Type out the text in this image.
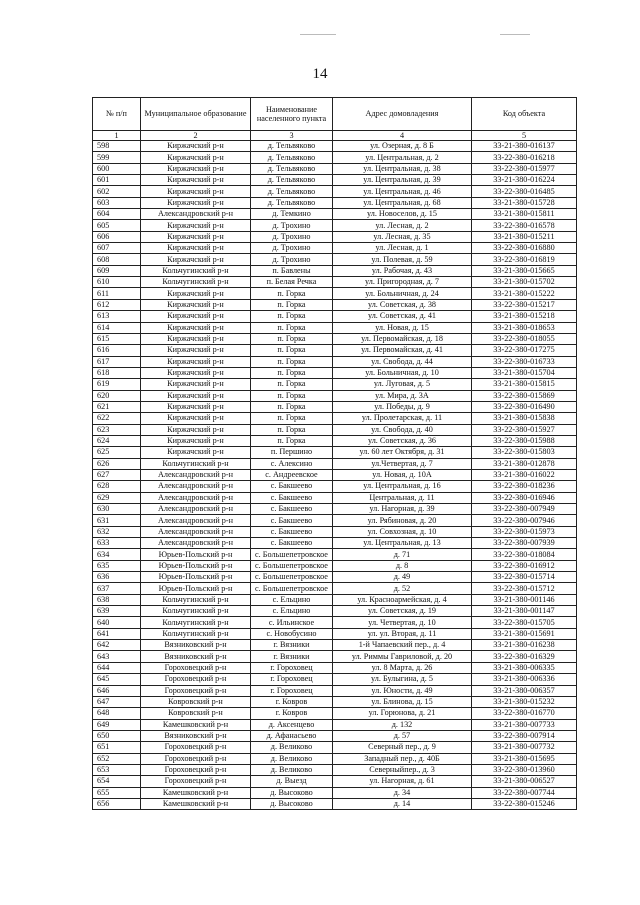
14
№ п/п	Муниципальное образование	Наименование населенного пункта	Адрес домовладения	Код объекта
1	2	3	4	5
598	Киржачский р-н	д. Тельвяково	ул. Озерная, д. 8 Б	33-21-380-016137
599	Киржачский р-н	д. Тельвяково	ул. Центральная, д. 2	33-22-380-016218
600	Киржачский р-н	д. Тельвяково	ул. Центральная, д. 38	33-22-380-015977
601	Киржачский р-н	д. Тельвяково	ул. Центральная, д. 39	33-21-380-016224
602	Киржачский р-н	д. Тельвяково	ул. Центральная, д. 46	33-22-380-016485
603	Киржачский р-н	д. Тельвяково	ул. Центральная, д. 68	33-21-380-015728
604	Александровский р-н	д. Темкино	ул. Новоселов, д. 15	33-21-380-015811
605	Киржачский р-н	д. Трохино	ул. Лесная, д. 2	33-22-380-016578
606	Киржачский р-н	д. Трохино	ул. Лесная, д. 35	33-21-380-015211
607	Киржачский р-н	д. Трохино	ул. Лесная, д. 1	33-22-380-016880
608	Киржачский р-н	д. Трохино	ул. Полевая, д. 59	33-22-380-016819
609	Кольчугинский р-н	п. Бавлены	ул. Рабочая, д. 43	33-21-380-015665
610	Кольчугинский р-н	п. Белая Речка	ул. Пригородная, д. 7	33-21-380-015702
611	Киржачский р-н	п. Горка	ул. Больничная, д. 24	33-21-380-015222
612	Киржачский р-н	п. Горка	ул. Советская, д. 38	33-22-380-015217
613	Киржачский р-н	п. Горка	ул. Советская, д. 41	33-21-380-015218
614	Киржачский р-н	п. Горка	ул. Новая, д. 15	33-21-380-018653
615	Киржачский р-н	п. Горка	ул. Первомайская, д. 18	33-22-380-018055
616	Киржачский р-н	п. Горка	ул. Первомайская, д. 41	33-22-380-017275
617	Киржачский р-н	п. Горка	ул. Свобода, д. 44	33-22-380-016733
618	Киржачский р-н	п. Горка	ул. Больничная, д. 10	33-21-380-015704
619	Киржачский р-н	п. Горка	ул. Луговая, д. 5	33-21-380-015815
620	Киржачский р-н	п. Горка	ул. Мира, д. 3А	33-22-380-015869
621	Киржачский р-н	п. Горка	ул. Победы, д. 9	33-22-380-016490
622	Киржачский р-н	п. Горка	ул. Пролетарская, д. 11	33-21-380-015838
623	Киржачский р-н	п. Горка	ул. Свобода, д. 40	33-22-380-015927
624	Киржачский р-н	п. Горка	ул. Советская, д. 36	33-22-380-015988
625	Киржачский р-н	п. Першино	ул. 60 лет Октября, д. 31	33-22-380-015803
626	Кольчугинский р-н	с. Алексино	ул.Четвертая, д. 7	33-21-380-012878
627	Александровский р-н	с. Андреевское	ул. Новая, д. 10А	33-21-380-016022
628	Александровский р-н	с. Бакшеево	ул. Центральная, д. 16	33-22-380-018236
629	Александровский р-н	с. Бакшеево	Центральная, д. 11	33-22-380-016946
630	Александровский р-н	с. Бакшеево	ул. Нагорная, д. 39	33-22-380-007949
631	Александровский р-н	с. Бакшеево	ул. Рябиновая, д. 20	33-22-380-007946
632	Александровский р-н	с. Бакшеево	ул. Совхозная, д. 10	33-22-380-015973
633	Александровский р-н	с. Бакшеево	ул. Центральная, д. 13	33-22-380-007939
634	Юрьев-Польский р-н	с. Большепетровское	д. 71	33-22-380-018084
635	Юрьев-Польский р-н	с. Большепетровское	д. 8	33-22-380-016912
636	Юрьев-Польский р-н	с. Большепетровское	д. 49	33-22-380-015714
637	Юрьев-Польский р-н	с. Большепетровское	д. 52	33-22-380-015712
638	Кольчугинский р-н	с. Ельцино	ул. Красноармейская, д. 4	33-21-380-001146
639	Кольчугинский р-н	с. Ельцино	ул. Советская, д. 19	33-21-380-001147
640	Кольчугинский р-н	с. Ильинское	ул. Четвертая, д. 10	33-22-380-015705
641	Кольчугинский р-н	с. Новобусино	ул. ул. Вторая, д. 11	33-21-380-015691
642	Вязниковский р-н	г. Вязники	1-й Чапаевский пер., д. 4	33-21-380-016238
643	Вязниковский р-н	г. Вязники	ул. Риммы Гавриловой, д. 20	33-22-380-016329
644	Гороховецкий р-н	г. Гороховец	ул. 8 Марта, д. 26	33-21-380-006335
645	Гороховецкий р-н	г. Гороховец	ул. Булыгина, д. 5	33-21-380-006336
646	Гороховецкий р-н	г. Гороховец	ул. Юности, д. 49	33-21-380-006357
647	Ковровский р-н	г. Ковров	ул. Блинова, д. 15	33-21-380-015232
648	Ковровский р-н	г. Ковров	ул. Горюнова, д. 21	33-22-380-016770
649	Камешковский р-н	д. Аксенцево	д. 132	33-21-380-007733
650	Вязниковский р-н	д. Афанасьево	д. 57	33-22-380-007914
651	Гороховецкий р-н	д. Великово	Северный пер., д. 9	33-21-380-007732
652	Гороховецкий р-н	д. Великово	Западный пер., д. 40Б	33-21-380-015695
653	Гороховецкий р-н	д. Великово	Северныйпер., д. 3	33-22-380-013960
654	Гороховецкий р-н	д. Выезд	ул. Нагорная, д. 61	33-21-380-006527
655	Камешковский р-н	д. Высоково	д. 34	33-22-380-007744
656	Камешковский р-н	д. Высоково	д. 14	33-22-380-015246
